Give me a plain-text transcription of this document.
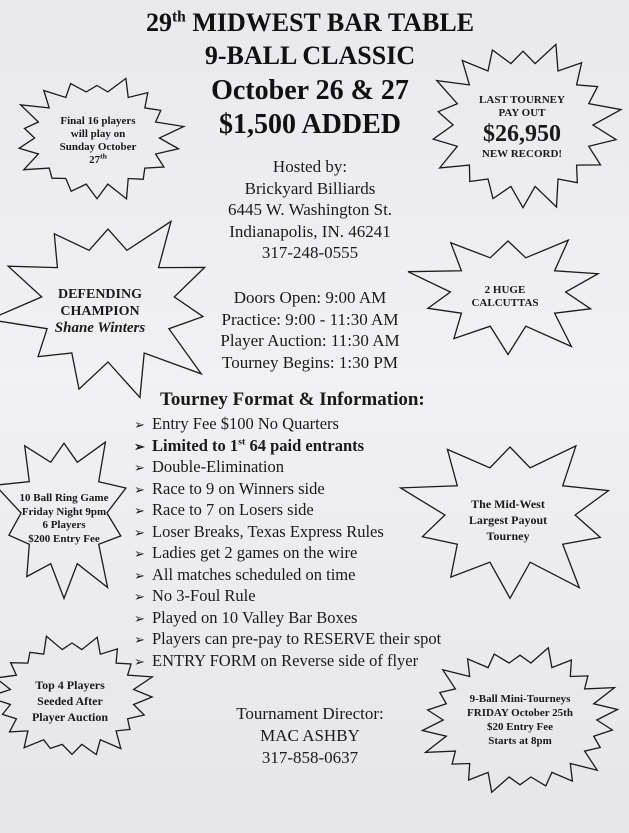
29th MIDWEST BAR TABLE
9-BALL CLASSIC
October 26 & 27
$1,500 ADDED
Hosted by:
Brickyard Billiards
6445 W. Washington St.
Indianapolis, IN. 46241
317-248-0555
Doors Open: 9:00 AM
Practice: 9:00 - 11:30 AM
Player Auction: 11:30 AM
Tourney Begins: 1:30 PM
Final 16 players
will play on
Sunday October
27th
LAST TOURNEY
PAY OUT
$26,950
NEW RECORD!
DEFENDING
CHAMPION
Shane Winters
2 HUGE
CALCUTTAS
Tourney Format & Information:
➢ Entry Fee $100 No Quarters
➢ Limited to 1st 64 paid entrants
➢ Double-Elimination
➢ Race to 9 on Winners side
➢ Race to 7 on Losers side
➢ Loser Breaks, Texas Express Rules
➢ Ladies get 2 games on the wire
➢ All matches scheduled on time
➢ No 3-Foul Rule
➢ Played on 10 Valley Bar Boxes
➢ Players can pre-pay to RESERVE their spot
➢ ENTRY FORM on Reverse side of flyer
10 Ball Ring Game
Friday Night 9pm
6 Players
$200 Entry Fee
The Mid-West
Largest Payout
Tourney
Top 4 Players
Seeded After
Player Auction	Tournament Director:
MAC ASHBY
317-858-0637
9-Ball Mini-Tourneys
FRIDAY October 25th
$20 Entry Fee
Starts at 8pm
